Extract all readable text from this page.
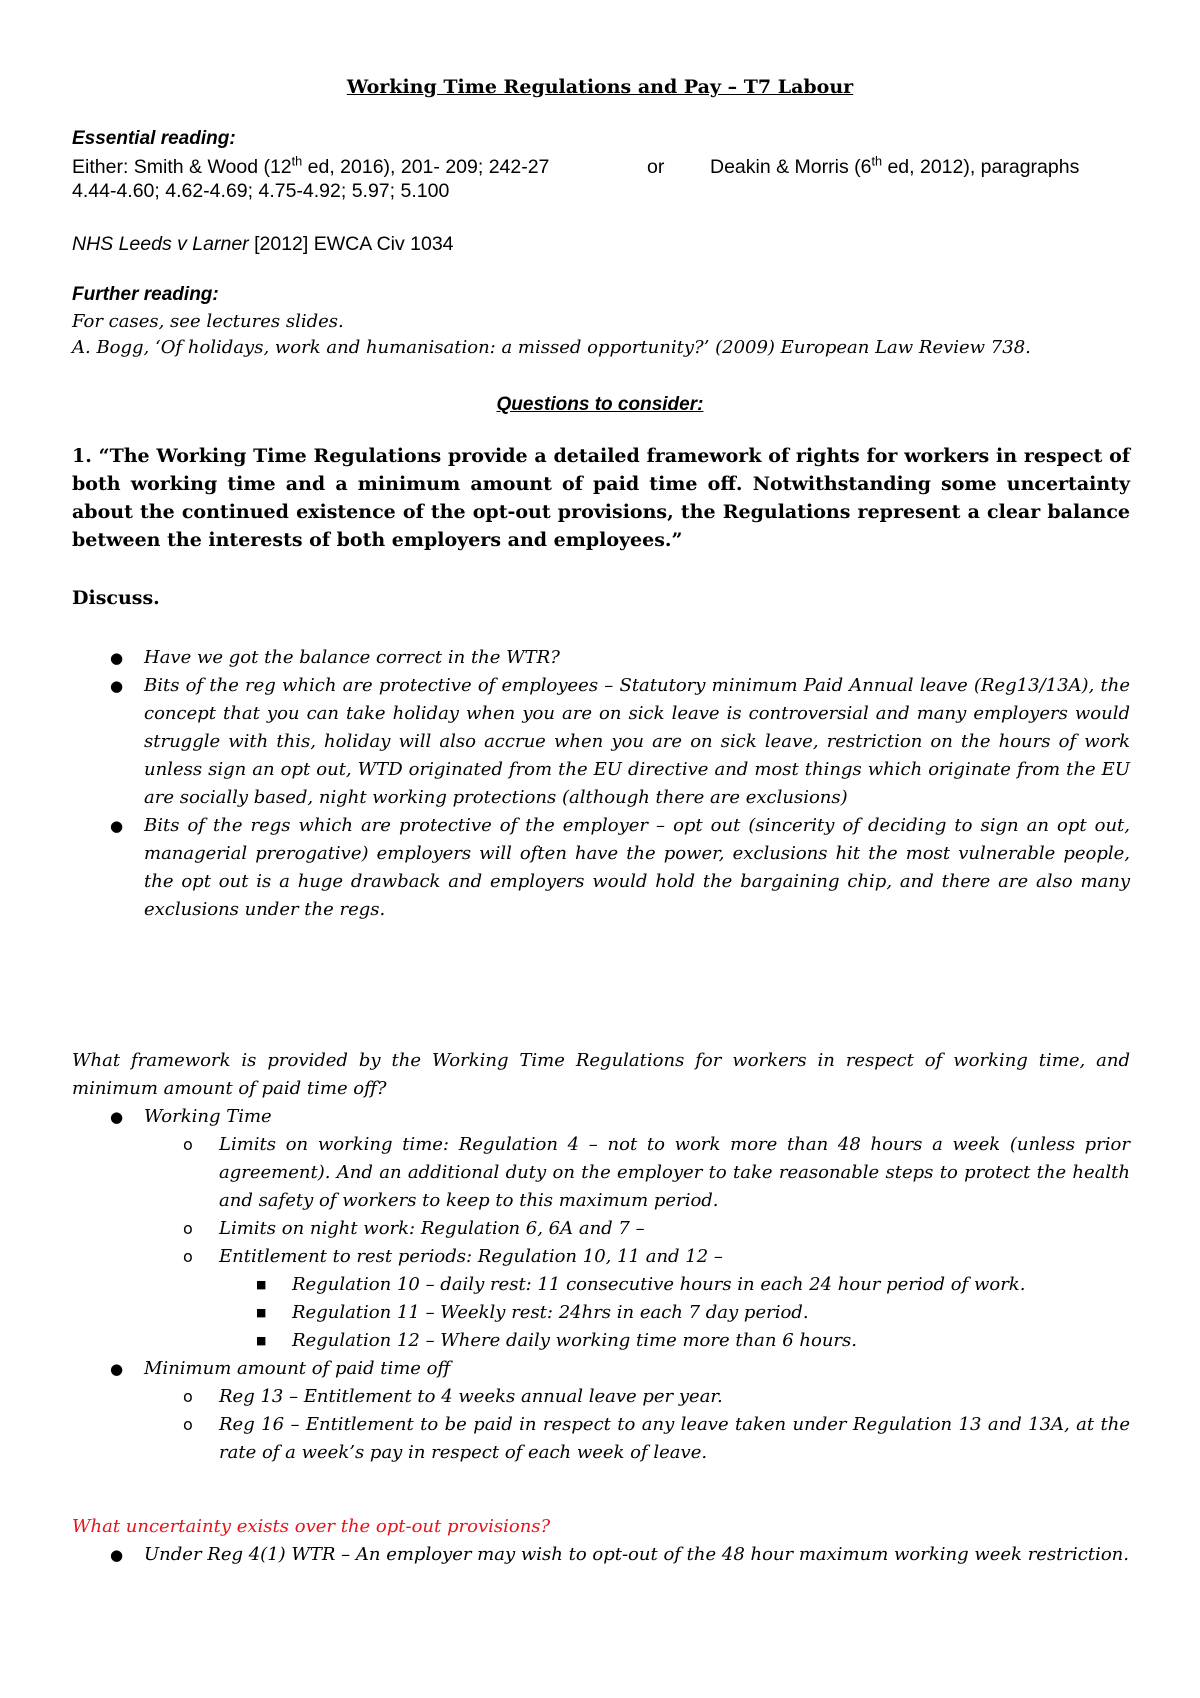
Working Time Regulations and Pay – T7 Labour

Essential reading:

Either: Smith & Wood (12th ed, 2016), 201- 209; 242-27	or Deakin & Morris (6th ed, 2012), paragraphs

4.44-4.60; 4.62-4.69; 4.75-4.92; 5.97; 5.100

NHS Leeds v Larner [2012] EWCA Civ 1034

Further reading:

For cases, see lectures slides.

A. Bogg, ‘Of holidays, work and humanisation: a missed opportunity?’ (2009) European Law Review 738.

Questions to consider:

1. “The Working Time Regulations provide a detailed framework of rights for workers in respect of both working time and a minimum amount of paid time off. Notwithstanding some uncertainty about the continued existence of the opt-out provisions, the Regulations represent a clear balance between the interests of both employers and employees.”

Discuss.

● Have we got the balance correct in the WTR?
● Bits of the reg which are protective of employees – Statutory minimum Paid Annual leave (Reg13/13A), the concept that you can take holiday when you are on sick leave is controversial and many employers would struggle with this, holiday will also accrue when you are on sick leave, restriction on the hours of work unless sign an opt out, WTD originated from the EU directive and most things which originate from the EU are socially based, night working protections (although there are exclusions)
● Bits of the regs which are protective of the employer – opt out (sincerity of deciding to sign an opt out, managerial prerogative) employers will often have the power, exclusions hit the most vulnerable people, the opt out is a huge drawback and employers would hold the bargaining chip, and there are also many exclusions under the regs.

What framework is provided by the Working Time Regulations for workers in respect of working time, and minimum amount of paid time off?

● Working Time
o Limits on working time: Regulation 4 – not to work more than 48 hours a week (unless prior agreement). And an additional duty on the employer to take reasonable steps to protect the health and safety of workers to keep to this maximum period.
o Limits on night work: Regulation 6, 6A and 7 –
o Entitlement to rest periods: Regulation 10, 11 and 12 –
■ Regulation 10 – daily rest: 11 consecutive hours in each 24 hour period of work.
■ Regulation 11 – Weekly rest: 24hrs in each 7 day period.
■ Regulation 12 – Where daily working time more than 6 hours.
● Minimum amount of paid time off
o Reg 13 – Entitlement to 4 weeks annual leave per year.
o Reg 16 – Entitlement to be paid in respect to any leave taken under Regulation 13 and 13A, at the rate of a week’s pay in respect of each week of leave.

What uncertainty exists over the opt-out provisions?

● Under Reg 4(1) WTR – An employer may wish to opt-out of the 48 hour maximum working week restriction.
